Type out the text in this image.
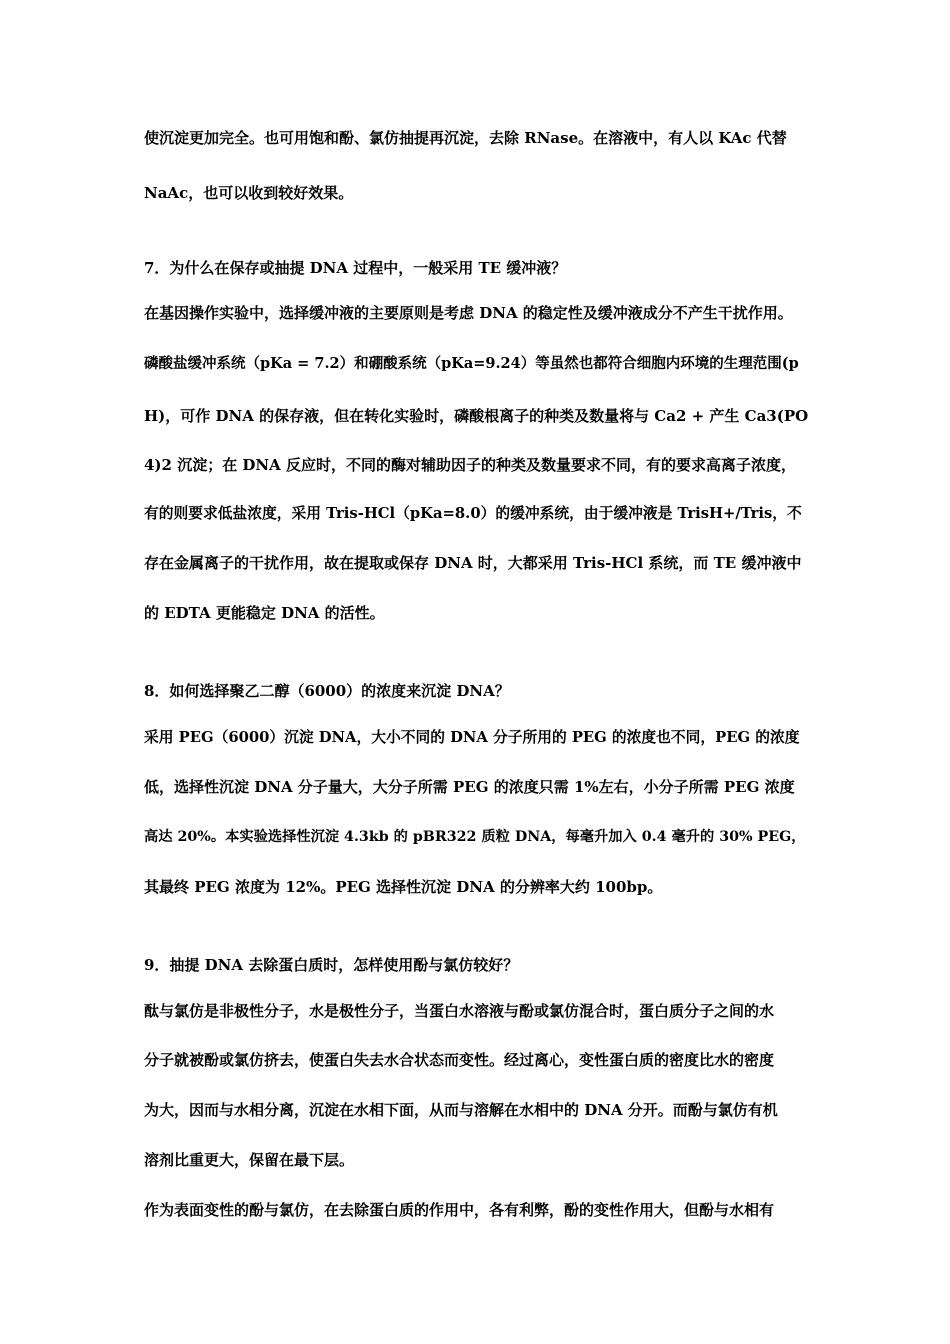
使沉淀更加完全。也可用饱和酚、氯仿抽提再沉淀，去除 RNase。在溶液中，有人以 KAc 代替
NaAc，也可以收到较好效果。
7．为什么在保存或抽提 DNA 过程中，一般采用 TE 缓冲液？
在基因操作实验中，选择缓冲液的主要原则是考虑 DNA 的稳定性及缓冲液成分不产生干扰作用。
磷酸盐缓冲系统（pKa = 7.2）和硼酸系统（pKa=9.24）等虽然也都符合细胞内环境的生理范围(p
H)，可作 DNA 的保存液，但在转化实验时，磷酸根离子的种类及数量将与 Ca2 + 产生 Ca3(PO
4)2 沉淀；在 DNA 反应时，不同的酶对辅助因子的种类及数量要求不同，有的要求高离子浓度，
有的则要求低盐浓度，采用 Tris-HCl（pKa=8.0）的缓冲系统，由于缓冲液是 TrisH+/Tris，不
存在金属离子的干扰作用，故在提取或保存 DNA 时，大都采用 Tris-HCl 系统，而 TE 缓冲液中
的 EDTA 更能稳定 DNA 的活性。
8．如何选择聚乙二醇（6000）的浓度来沉淀 DNA？
采用 PEG（6000）沉淀 DNA，大小不同的 DNA 分子所用的 PEG 的浓度也不同，PEG 的浓度
低，选择性沉淀 DNA 分子量大，大分子所需 PEG 的浓度只需 1%左右，小分子所需 PEG 浓度
高达 20%。本实验选择性沉淀 4.3kb 的 pBR322 质粒 DNA，每毫升加入 0.4 毫升的 30% PEG，
其最终 PEG 浓度为 12%。PEG 选择性沉淀 DNA 的分辨率大约 100bp。
9．抽提 DNA 去除蛋白质时，怎样使用酚与氯仿较好？
酞与氯仿是非极性分子，水是极性分子，当蛋白水溶液与酚或氯仿混合时，蛋白质分子之间的水
分子就被酚或氯仿挤去，使蛋白失去水合状态而变性。经过离心，变性蛋白质的密度比水的密度
为大，因而与水相分离，沉淀在水相下面，从而与溶解在水相中的 DNA 分开。而酚与氯仿有机
溶剂比重更大，保留在最下层。
作为表面变性的酚与氯仿，在去除蛋白质的作用中，各有利弊，酚的变性作用大，但酚与水相有
